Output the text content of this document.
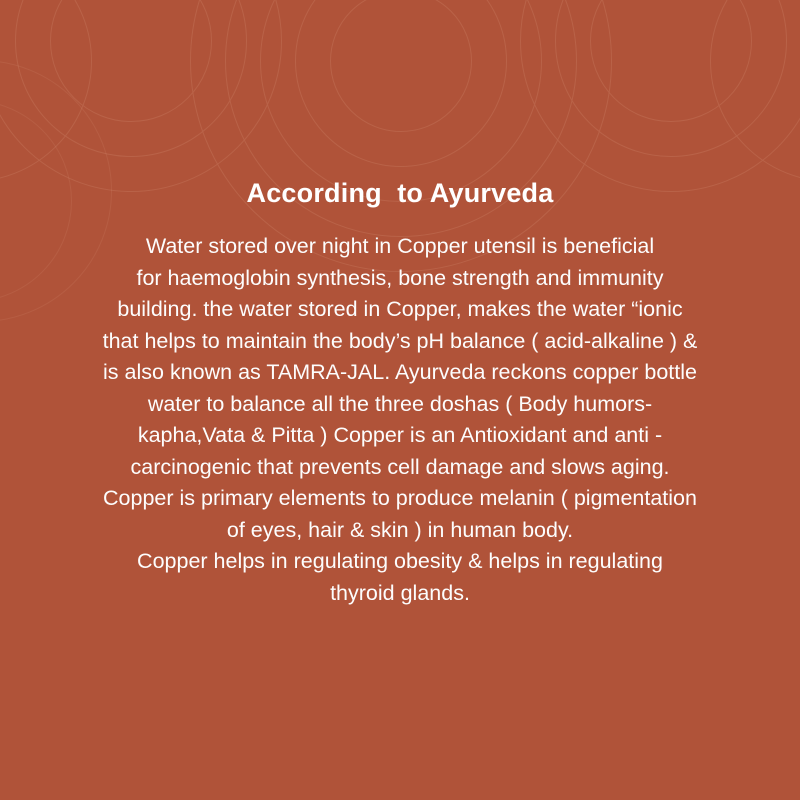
According  to Ayurveda
Water stored over night in Copper utensil is beneficial
for haemoglobin synthesis, bone strength and immunity
building. the water stored in Copper, makes the water “ionic
that helps to maintain the body’s pH balance ( acid-alkaline ) &
is also known as TAMRA-JAL. Ayurveda reckons copper bottle
water to balance all the three doshas ( Body humors-
kapha,Vata & Pitta ) Copper is an Antioxidant and anti -
carcinogenic that prevents cell damage and slows aging.
Copper is primary elements to produce melanin ( pigmentation
of eyes, hair & skin ) in human body.
Copper helps in regulating obesity & helps in regulating
thyroid glands.
